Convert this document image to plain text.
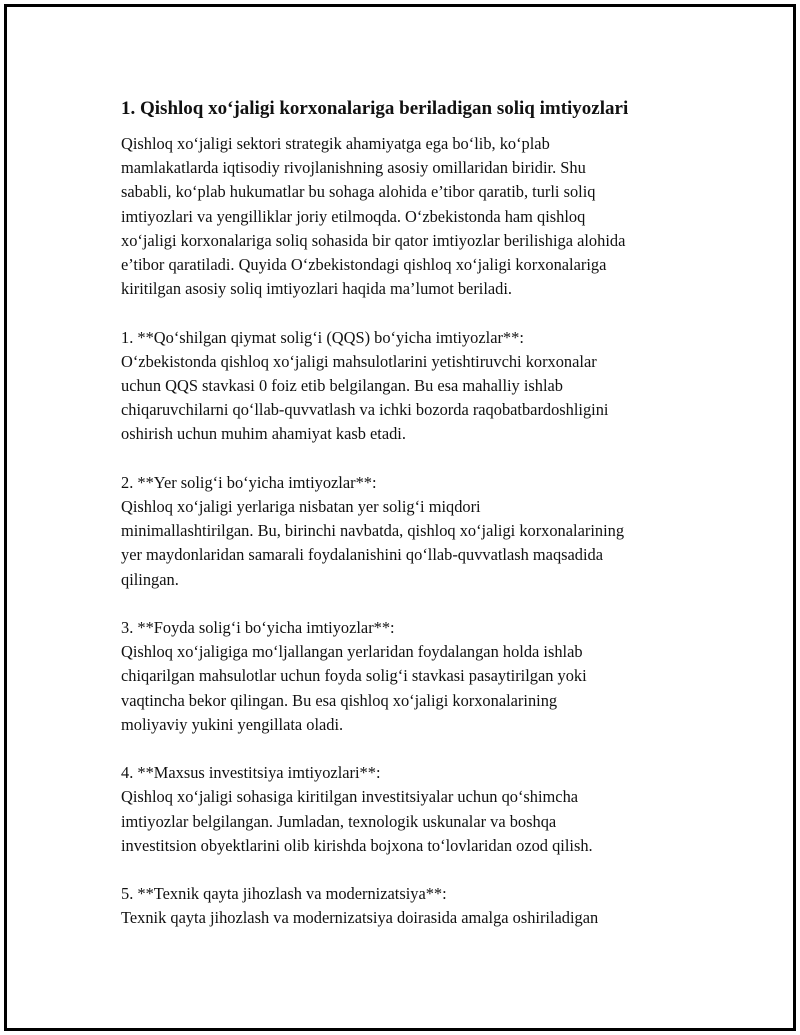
1. Qishloq xo‘jaligi korxonalariga beriladigan soliq imtiyozlari

Qishloq xo‘jaligi sektori strategik ahamiyatga ega bo‘lib, ko‘plab
mamlakatlarda iqtisodiy rivojlanishning asosiy omillaridan biridir. Shu
sababli, ko‘plab hukumatlar bu sohaga alohida e’tibor qaratib, turli soliq
imtiyozlari va yengilliklar joriy etilmoqda. O‘zbekistonda ham qishloq
xo‘jaligi korxonalariga soliq sohasida bir qator imtiyozlar berilishiga alohida
e’tibor qaratiladi. Quyida O‘zbekistondagi qishloq xo‘jaligi korxonalariga
kiritilgan asosiy soliq imtiyozlari haqida ma’lumot beriladi.

1. **Qo‘shilgan qiymat solig‘i (QQS) bo‘yicha imtiyozlar**:
O‘zbekistonda qishloq xo‘jaligi mahsulotlarini yetishtiruvchi korxonalar
uchun QQS stavkasi 0 foiz etib belgilangan. Bu esa mahalliy ishlab
chiqaruvchilarni qo‘llab-quvvatlash va ichki bozorda raqobatbardoshligini
oshirish uchun muhim ahamiyat kasb etadi.
2. **Yer solig‘i bo‘yicha imtiyozlar**:
Qishloq xo‘jaligi yerlariga nisbatan yer solig‘i miqdori
minimallashtirilgan. Bu, birinchi navbatda, qishloq xo‘jaligi korxonalarining
yer maydonlaridan samarali foydalanishini qo‘llab-quvvatlash maqsadida
qilingan.
3. **Foyda solig‘i bo‘yicha imtiyozlar**:
Qishloq xo‘jaligiga mo‘ljallangan yerlaridan foydalangan holda ishlab
chiqarilgan mahsulotlar uchun foyda solig‘i stavkasi pasaytirilgan yoki
vaqtincha bekor qilingan. Bu esa qishloq xo‘jaligi korxonalarining
moliyaviy yukini yengillata oladi.
4. **Maxsus investitsiya imtiyozlari**:
Qishloq xo‘jaligi sohasiga kiritilgan investitsiyalar uchun qo‘shimcha
imtiyozlar belgilangan. Jumladan, texnologik uskunalar va boshqa
investitsion obyektlarini olib kirishda bojxona to‘lovlaridan ozod qilish.
5. **Texnik qayta jihozlash va modernizatsiya**:
Texnik qayta jihozlash va modernizatsiya doirasida amalga oshiriladigan
